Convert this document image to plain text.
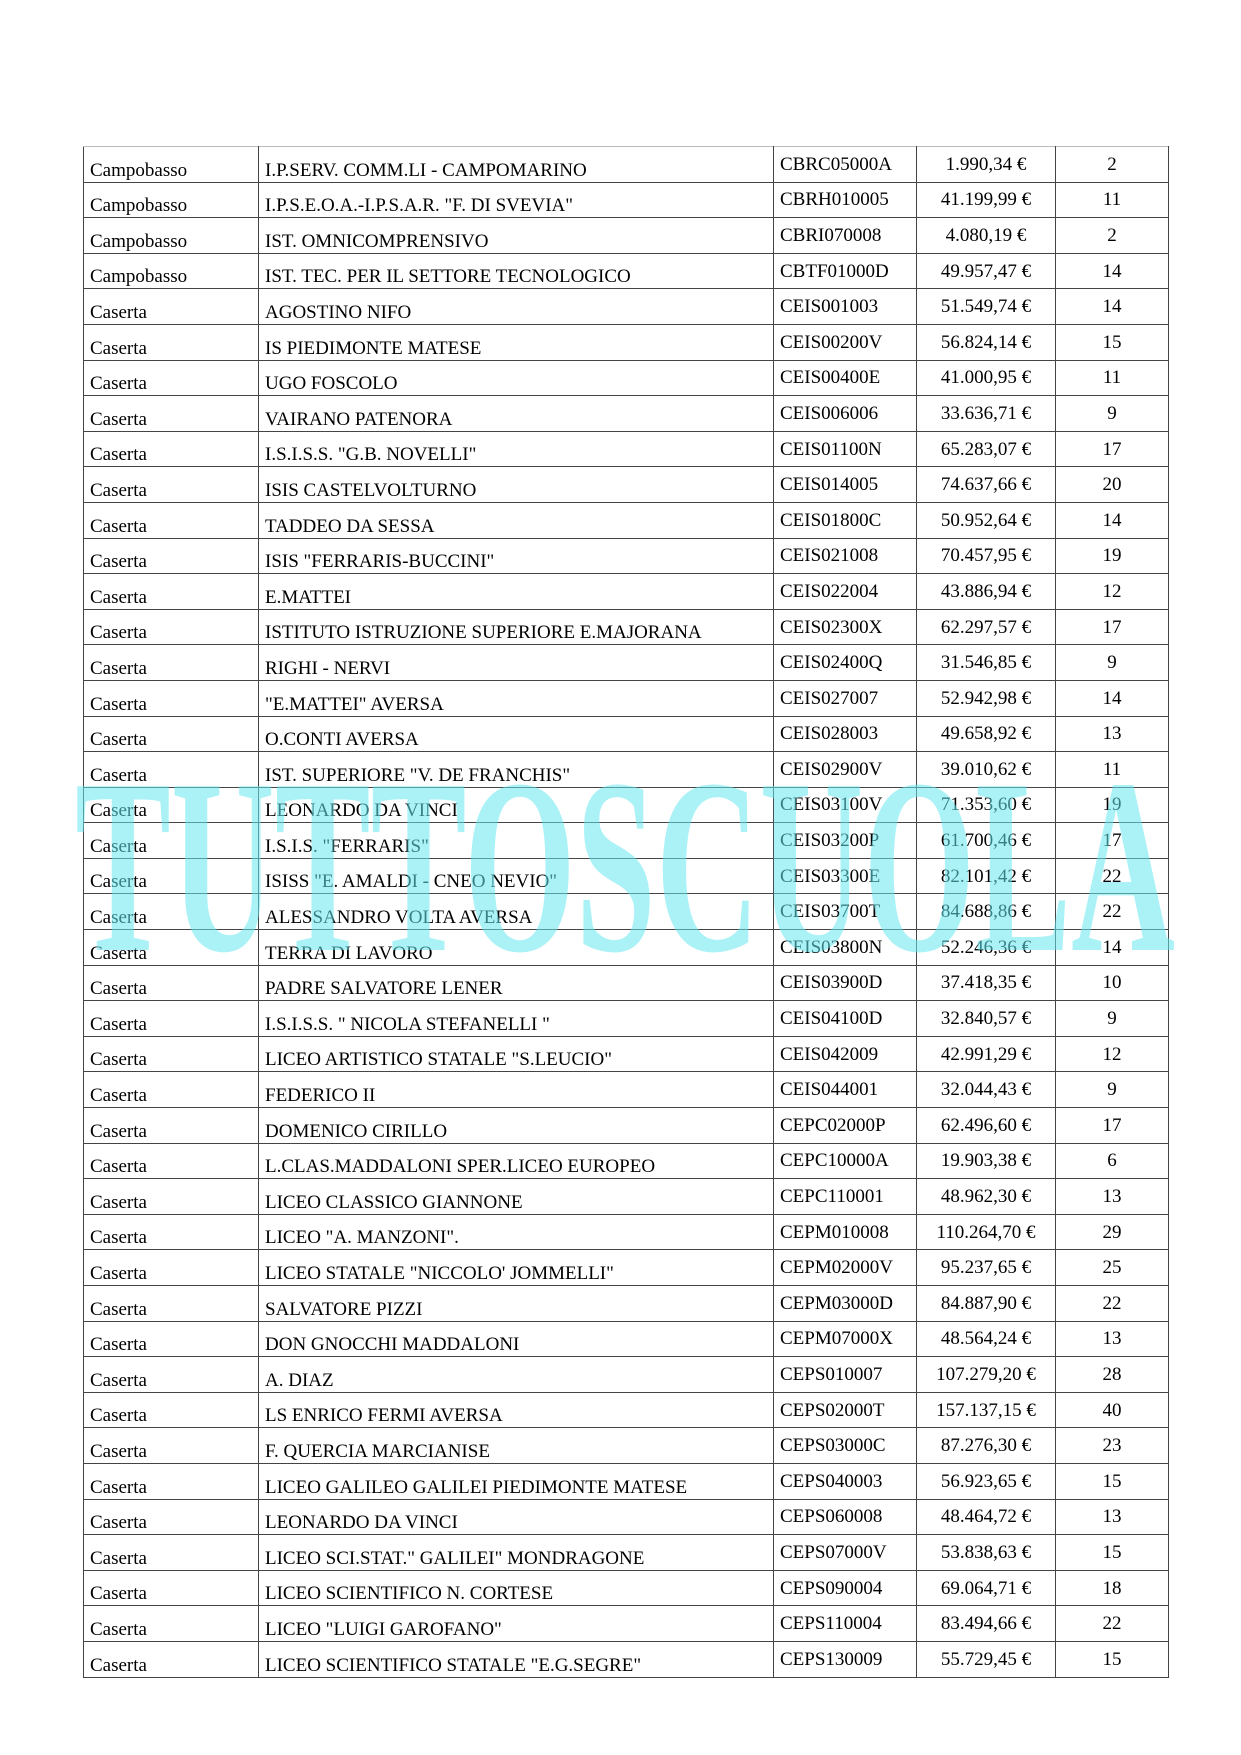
Campobasso	I.P.SERV. COMM.LI - CAMPOMARINO	CBRC05000A	1.990,34 €	2
Campobasso	I.P.S.E.O.A.-I.P.S.A.R. "F. DI SVEVIA"	CBRH010005	41.199,99 €	11
Campobasso	IST. OMNICOMPRENSIVO	CBRI070008	4.080,19 €	2
Campobasso	IST. TEC. PER IL SETTORE TECNOLOGICO	CBTF01000D	49.957,47 €	14
Caserta	AGOSTINO NIFO	CEIS001003	51.549,74 €	14
Caserta	IS PIEDIMONTE MATESE	CEIS00200V	56.824,14 €	15
Caserta	UGO FOSCOLO	CEIS00400E	41.000,95 €	11
Caserta	VAIRANO PATENORA	CEIS006006	33.636,71 €	9
Caserta	I.S.I.S.S. "G.B. NOVELLI"	CEIS01100N	65.283,07 €	17
Caserta	ISIS CASTELVOLTURNO	CEIS014005	74.637,66 €	20
Caserta	TADDEO DA SESSA	CEIS01800C	50.952,64 €	14
Caserta	ISIS "FERRARIS-BUCCINI"	CEIS021008	70.457,95 €	19
Caserta	E.MATTEI	CEIS022004	43.886,94 €	12
Caserta	ISTITUTO ISTRUZIONE SUPERIORE E.MAJORANA	CEIS02300X	62.297,57 €	17
Caserta	RIGHI - NERVI	CEIS02400Q	31.546,85 €	9
Caserta	"E.MATTEI" AVERSA	CEIS027007	52.942,98 €	14
Caserta	O.CONTI AVERSA	CEIS028003	49.658,92 €	13
Caserta	IST. SUPERIORE "V. DE FRANCHIS"	CEIS02900V	39.010,62 €	11
Caserta	LEONARDO DA VINCI	CEIS03100V	71.353,60 €	19
Caserta	I.S.I.S. "FERRARIS"	CEIS03200P	61.700,46 €	17
Caserta	ISISS "E. AMALDI - CNEO NEVIO"	CEIS03300E	82.101,42 €	22
Caserta	ALESSANDRO VOLTA AVERSA	CEIS03700T	84.688,86 €	22
Caserta	TERRA DI LAVORO	CEIS03800N	52.246,36 €	14
Caserta	PADRE SALVATORE LENER	CEIS03900D	37.418,35 €	10
Caserta	I.S.I.S.S. " NICOLA STEFANELLI "	CEIS04100D	32.840,57 €	9
Caserta	LICEO ARTISTICO STATALE "S.LEUCIO"	CEIS042009	42.991,29 €	12
Caserta	FEDERICO II	CEIS044001	32.044,43 €	9
Caserta	DOMENICO CIRILLO	CEPC02000P	62.496,60 €	17
Caserta	L.CLAS.MADDALONI SPER.LICEO EUROPEO	CEPC10000A	19.903,38 €	6
Caserta	LICEO CLASSICO GIANNONE	CEPC110001	48.962,30 €	13
Caserta	LICEO "A. MANZONI".	CEPM010008	110.264,70 €	29
Caserta	LICEO STATALE "NICCOLO' JOMMELLI"	CEPM02000V	95.237,65 €	25
Caserta	SALVATORE PIZZI	CEPM03000D	84.887,90 €	22
Caserta	DON GNOCCHI MADDALONI	CEPM07000X	48.564,24 €	13
Caserta	A. DIAZ	CEPS010007	107.279,20 €	28
Caserta	LS ENRICO FERMI AVERSA	CEPS02000T	157.137,15 €	40
Caserta	F. QUERCIA MARCIANISE	CEPS03000C	87.276,30 €	23
Caserta	LICEO GALILEO GALILEI PIEDIMONTE MATESE	CEPS040003	56.923,65 €	15
Caserta	LEONARDO DA VINCI	CEPS060008	48.464,72 €	13
Caserta	LICEO SCI.STAT." GALILEI" MONDRAGONE	CEPS07000V	53.838,63 €	15
Caserta	LICEO SCIENTIFICO N. CORTESE	CEPS090004	69.064,71 €	18
Caserta	LICEO "LUIGI GAROFANO"	CEPS110004	83.494,66 €	22
Caserta	LICEO SCIENTIFICO STATALE "E.G.SEGRE"	CEPS130009	55.729,45 €	15
TUTTOSCUOLA
